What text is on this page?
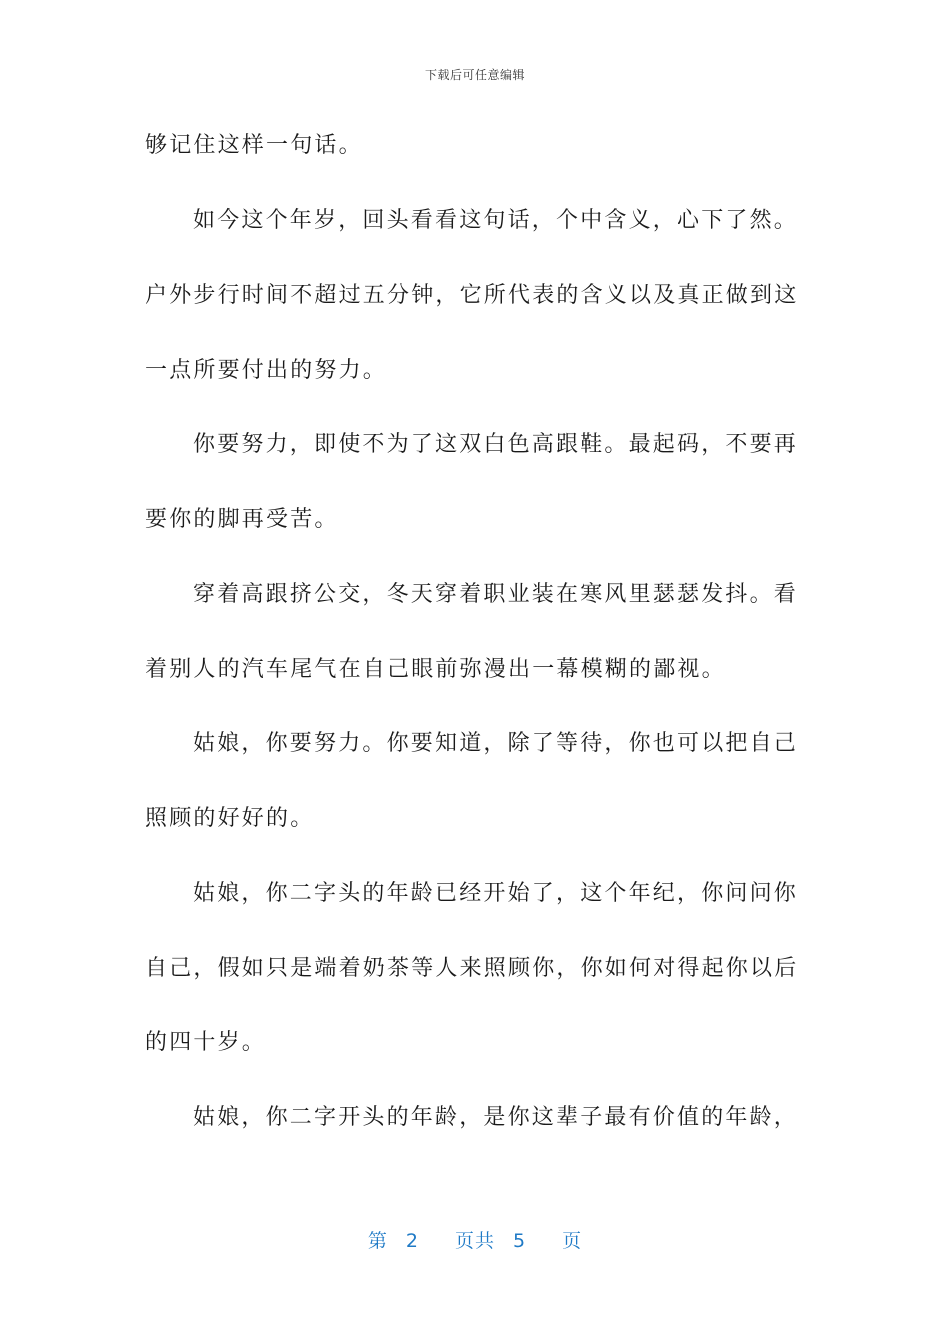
下载后可任意编辑
够记住这样一句话。
如今这个年岁，回头看看这句话，个中含义，心下了然。
户外步行时间不超过五分钟，它所代表的含义以及真正做到这
一点所要付出的努力。
你要努力，即使不为了这双白色高跟鞋。最起码，不要再
要你的脚再受苦。
穿着高跟挤公交，冬天穿着职业装在寒风里瑟瑟发抖。看
着别人的汽车尾气在自己眼前弥漫出一幕模糊的鄙视。
姑娘，你要努力。你要知道，除了等待，你也可以把自己
照顾的好好的。
姑娘，你二字头的年龄已经开始了，这个年纪，你问问你
自己，假如只是端着奶茶等人来照顾你，你如何对得起你以后
的四十岁。
姑娘，你二字开头的年龄，是你这辈子最有价值的年龄，
第 2 页共 5 页
